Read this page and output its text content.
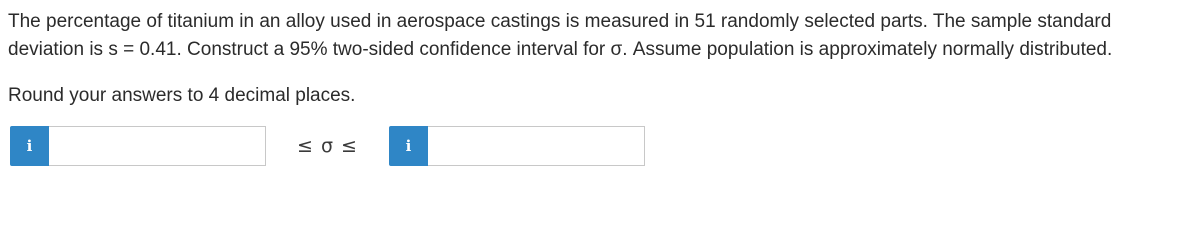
The percentage of titanium in an alloy used in aerospace castings is measured in 51 randomly selected parts. The sample standard

deviation is s = 0.41. Construct a 95% two-sided confidence interval for σ. Assume population is approximately normally distributed.

Round your answers to 4 decimal places.
i	≤ σ ≤	i
